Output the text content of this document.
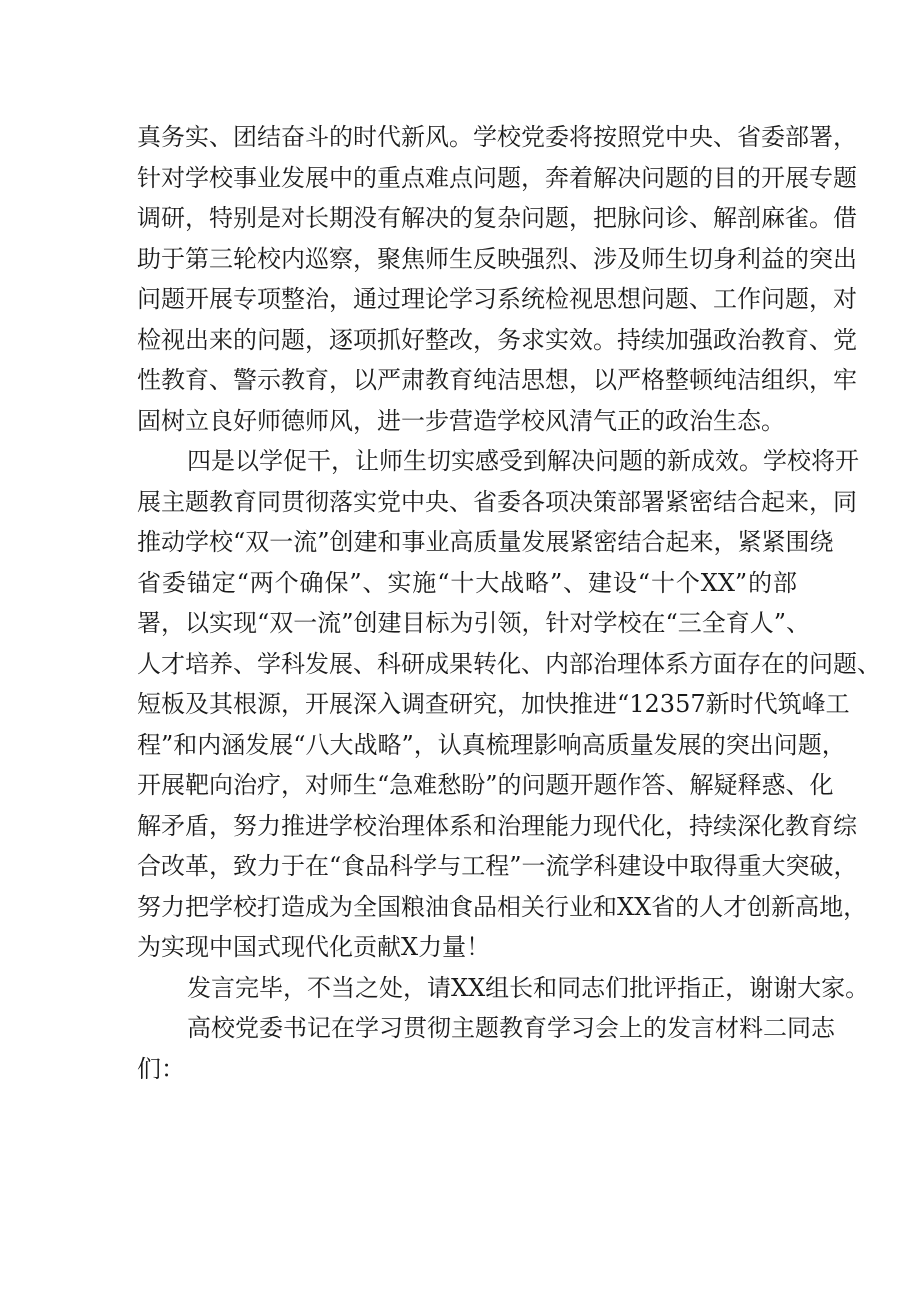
真务实、团结奋斗的时代新风。学校党委将按照党中央、省委部署，
针对学校事业发展中的重点难点问题，奔着解决问题的目的开展专题
调研，特别是对长期没有解决的复杂问题，把脉问诊、解剖麻雀。借
助于第三轮校内巡察，聚焦师生反映强烈、涉及师生切身利益的突出
问题开展专项整治，通过理论学习系统检视思想问题、工作问题，对
检视出来的问题，逐项抓好整改，务求实效。持续加强政治教育、党
性教育、警示教育，以严肃教育纯洁思想，以严格整顿纯洁组织，牢
固树立良好师德师风，进一步营造学校风清气正的政治生态。
四是以学促干，让师生切实感受到解决问题的新成效。学校将开
展主题教育同贯彻落实党中央、省委各项决策部署紧密结合起来，同
推动学校“双一流”创建和事业高质量发展紧密结合起来，紧紧围绕
省委锚定“两个确保”、实施“十大战略”、建设“十个XX”的部
署，以实现“双一流”创建目标为引领，针对学校在“三全育人”、
人才培养、学科发展、科研成果转化、内部治理体系方面存在的问题、
短板及其根源，开展深入调查研究，加快推进“12357新时代筑峰工
程”和内涵发展“八大战略”，认真梳理影响高质量发展的突出问题，
开展靶向治疗，对师生“急难愁盼”的问题开题作答、解疑释惑、化
解矛盾，努力推进学校治理体系和治理能力现代化，持续深化教育综
合改革，致力于在“食品科学与工程”一流学科建设中取得重大突破，
努力把学校打造成为全国粮油食品相关行业和XX省的人才创新高地，
为实现中国式现代化贡献X力量！
发言完毕，不当之处，请XX组长和同志们批评指正，谢谢大家。
高校党委书记在学习贯彻主题教育学习会上的发言材料二同志
们：
